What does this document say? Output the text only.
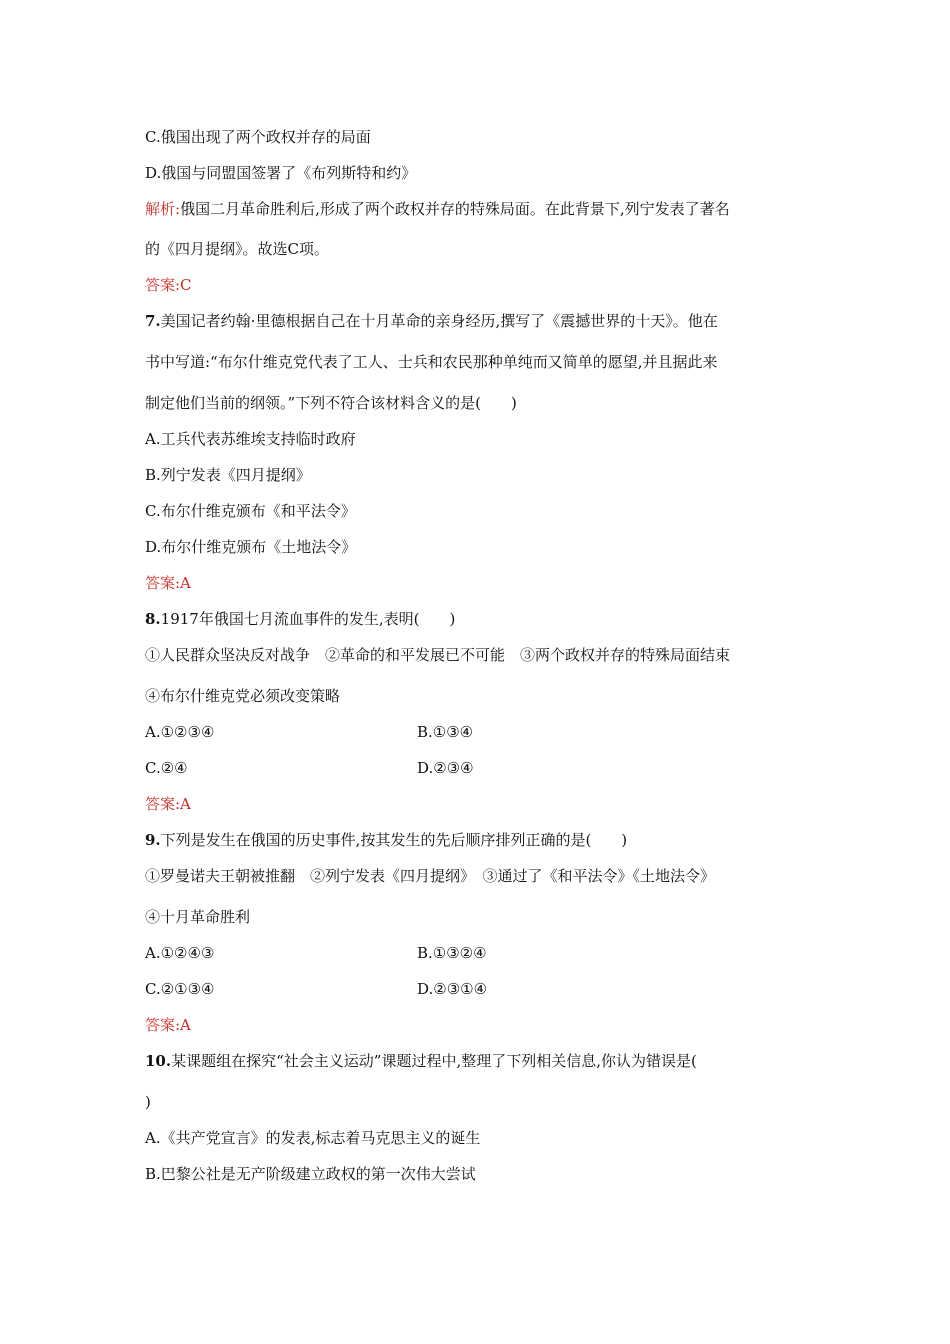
C.俄国出现了两个政权并存的局面
D.俄国与同盟国签署了《布列斯特和约》
解析:俄国二月革命胜利后,形成了两个政权并存的特殊局面。在此背景下,列宁发表了著名
的《四月提纲》。故选C项。
答案:C
7.美国记者约翰·里德根据自己在十月革命的亲身经历,撰写了《震撼世界的十天》。他在
书中写道:“布尔什维克党代表了工人、士兵和农民那种单纯而又简单的愿望,并且据此来
制定他们当前的纲领。”下列不符合该材料含义的是(　　)
A.工兵代表苏维埃支持临时政府
B.列宁发表《四月提纲》
C.布尔什维克颁布《和平法令》
D.布尔什维克颁布《土地法令》
答案:A
8.1917年俄国七月流血事件的发生,表明(　　)
①人民群众坚决反对战争　②革命的和平发展已不可能　③两个政权并存的特殊局面结束
④布尔什维克党必须改变策略
A.①②③④	B.①③④
C.②④	D.②③④
答案:A
9.下列是发生在俄国的历史事件,按其发生的先后顺序排列正确的是(　　)
①罗曼诺夫王朝被推翻　②列宁发表《四月提纲》　③通过了《和平法令》《土地法令》
④十月革命胜利
A.①②④③	B.①③②④
C.②①③④	D.②③①④
答案:A
10.某课题组在探究“社会主义运动”课题过程中,整理了下列相关信息,你认为错误是(
)
A.《共产党宣言》的发表,标志着马克思主义的诞生
B.巴黎公社是无产阶级建立政权的第一次伟大尝试
